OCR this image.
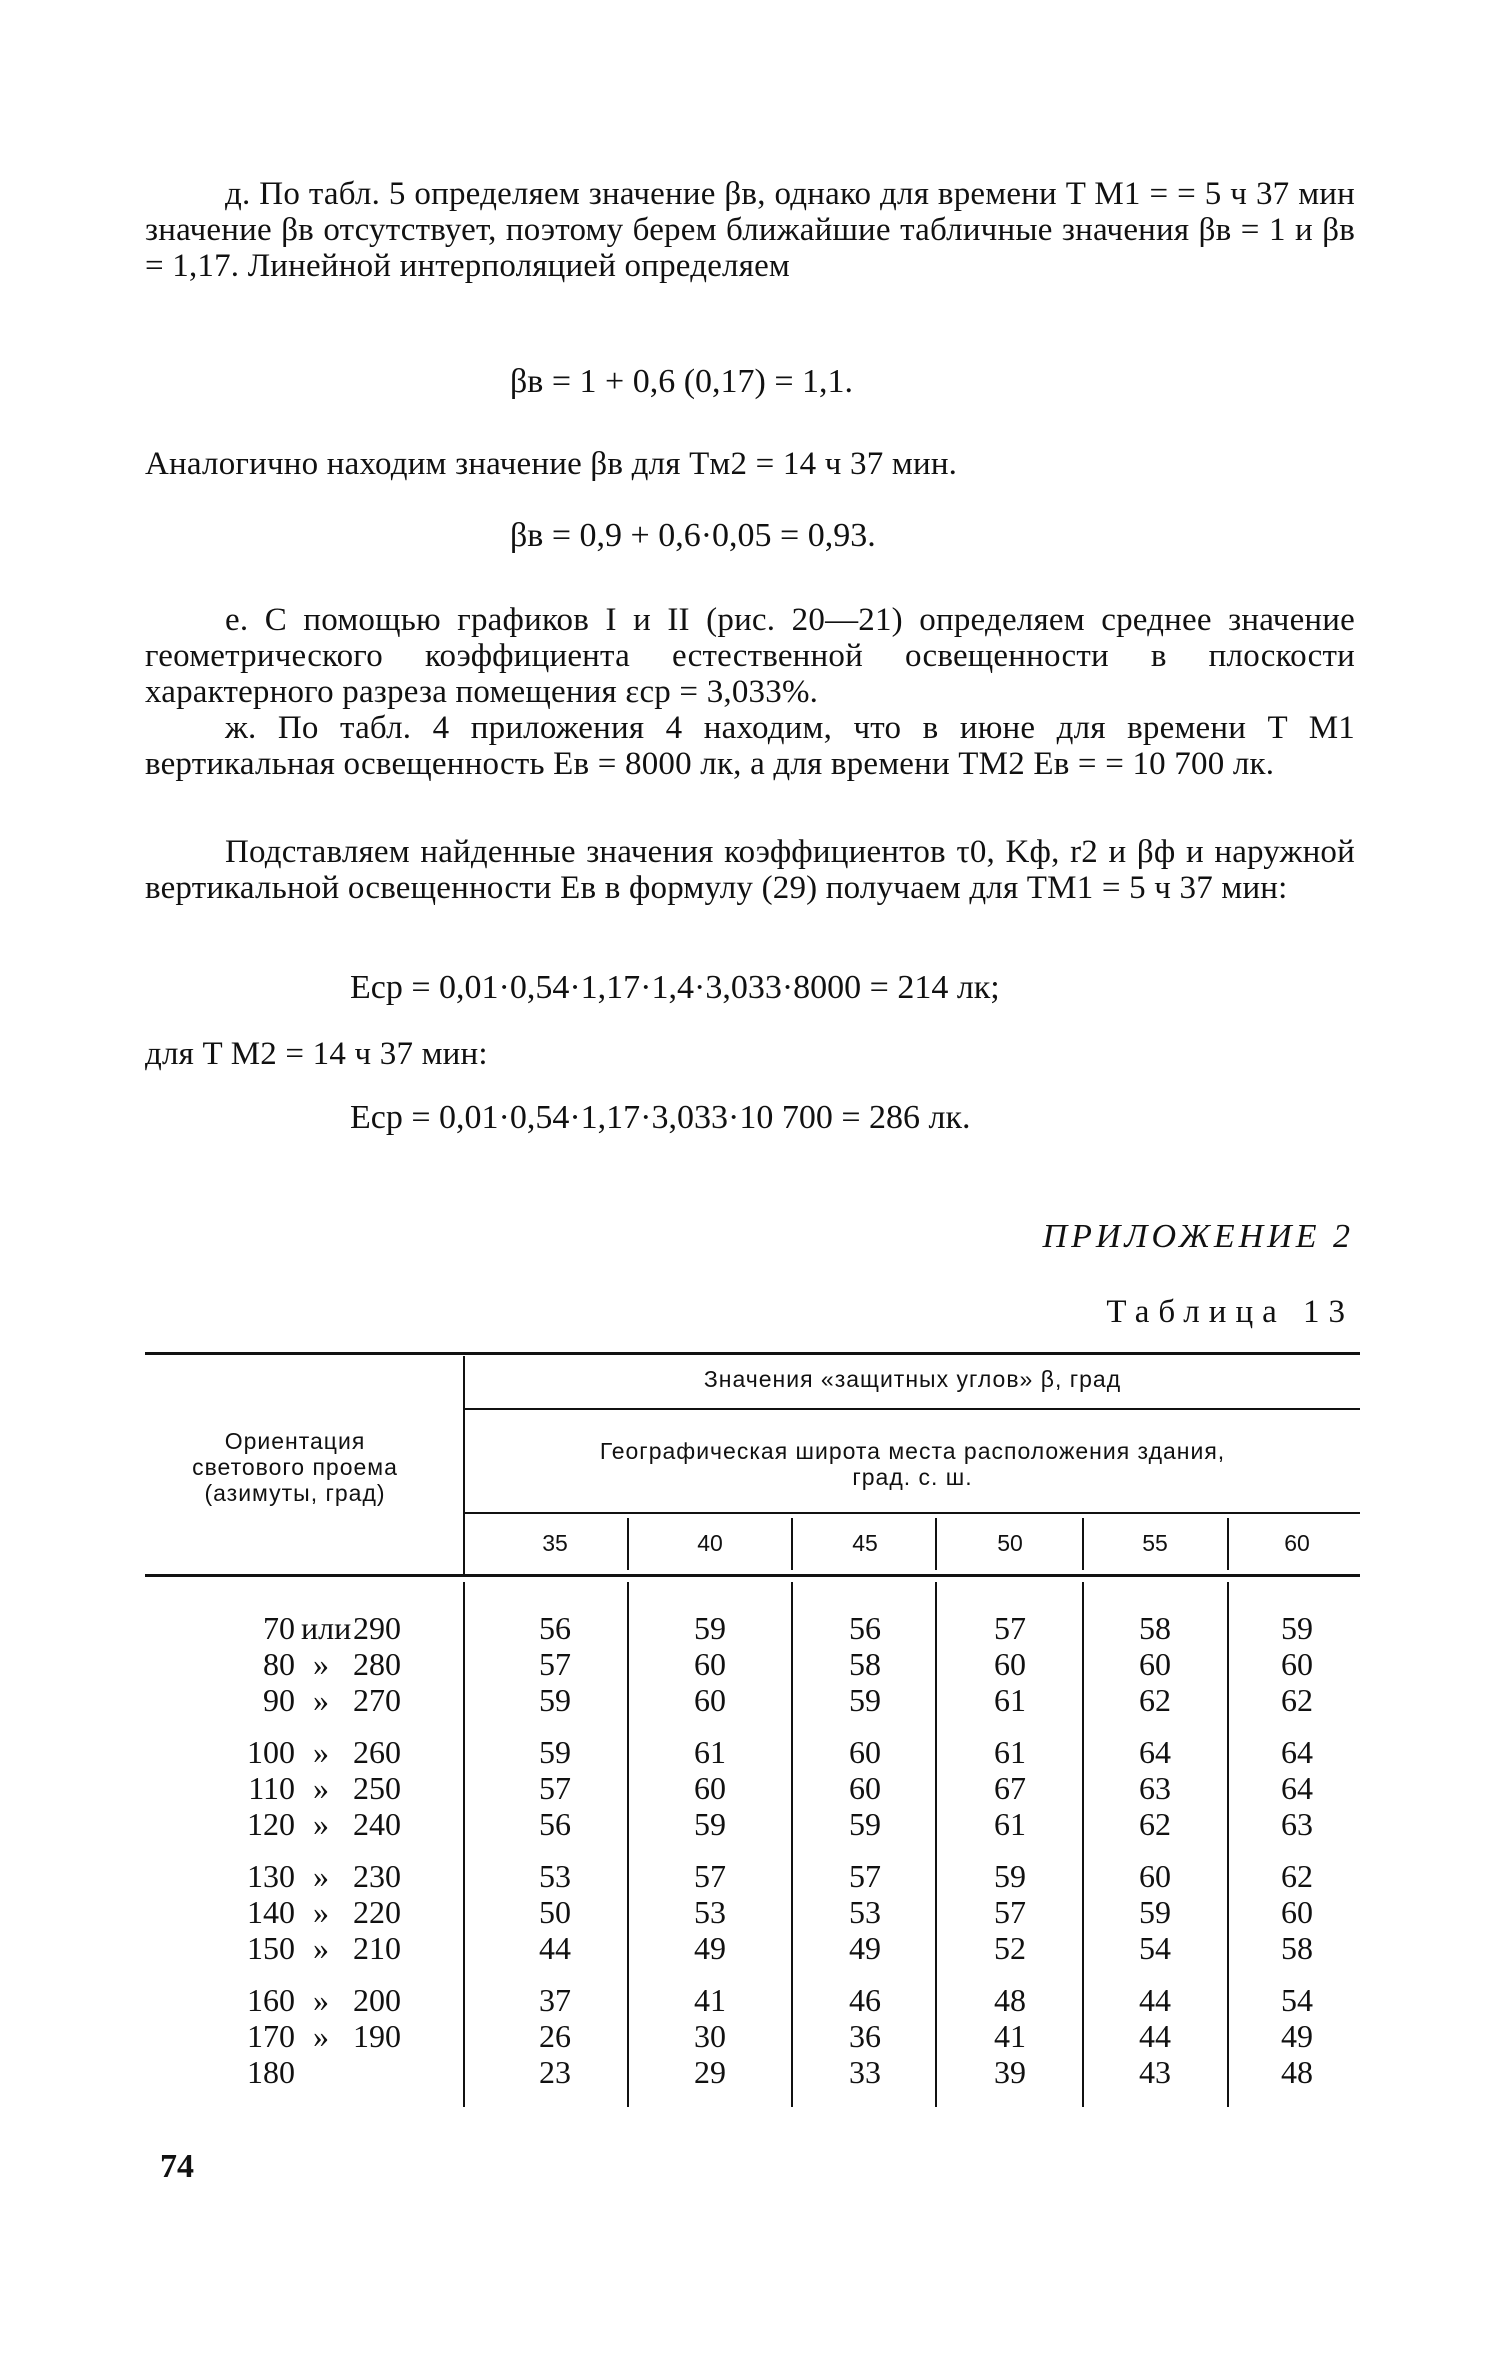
д. По табл. 5 определяем значение βв, однако для времени T М1 = = 5 ч 37 мин значение βв отсутствует, поэтому берем ближайшие табличные значения βв = 1 и βв = 1,17. Линейной интерполяцией определяем

βв = 1 + 0,6 (0,17) = 1,1.

Аналогично находим значение βв для Tм2 = 14 ч 37 мин.

βв = 0,9 + 0,6·0,05 = 0,93.

е. С помощью графиков I и II (рис. 20—21) определяем среднее значение геометрического коэффициента естественной освещенности в плоскости характерного разреза помещения εср = 3,033%.

ж. По табл. 4 приложения 4 находим, что в июне для времени T М1 вертикальная освещенность Eв = 8000 лк, а для времени TМ2 Eв = = 10 700 лк.

Подставляем найденные значения коэффициентов τ0, Kф, r2 и βф и наружной вертикальной освещенности Eв в формулу (29) получаем для TМ1 = 5 ч 37 мин:

Eср = 0,01·0,54·1,17·1,4·3,033·8000 = 214 лк;

для T М2 = 14 ч 37 мин:

Eср = 0,01·0,54·1,17·3,033·10 700 = 286 лк.
ПРИЛОЖЕНИЕ 2
Таблица 13
Ориентация
светового проема
(азимуты, град)
Значения «защитных углов» β, град
Географическая широта места расположения здания,
град. с. ш.
35	40	45	50	55	60
70 или 290	56	59	56	57	58	59
80 » 280	57	60	58	60	60	60
90 » 270	59	60	59	61	62	62
100 » 260	59	61	60	61	64	64
110 » 250	57	60	60	67	63	64
120 » 240	56	59	59	61	62	63
130 » 230	53	57	57	59	60	62
140 » 220	50	53	53	57	59	60
150 » 210	44	49	49	52	54	58
160 » 200	37	41	46	48	44	54
170 » 190	26	30	36	41	44	49
180	23	29	33	39	43	48
74
